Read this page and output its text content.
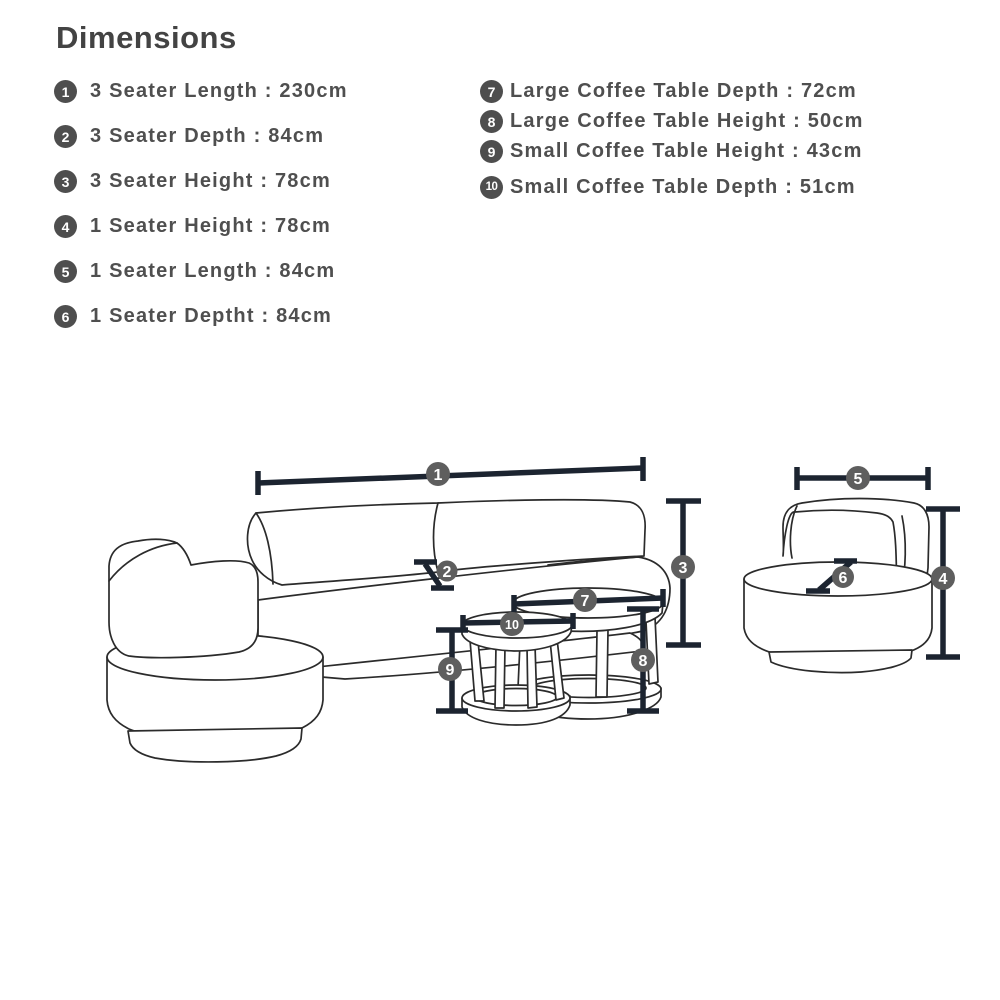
Dimensions
1	3 Seater Length : 230cm
2	3 Seater Depth : 84cm
3	3 Seater Height : 78cm
4	1 Seater Height : 78cm
5	1 Seater Length : 84cm
6	1 Seater Deptht : 84cm
7 Large Coffee Table Depth : 72cm
8 Large Coffee Table Height : 50cm
9 Small Coffee Table Height : 43cm
10 Small Coffee Table Depth : 51cm
1
2	3
4
5
6
7
8
9
10
